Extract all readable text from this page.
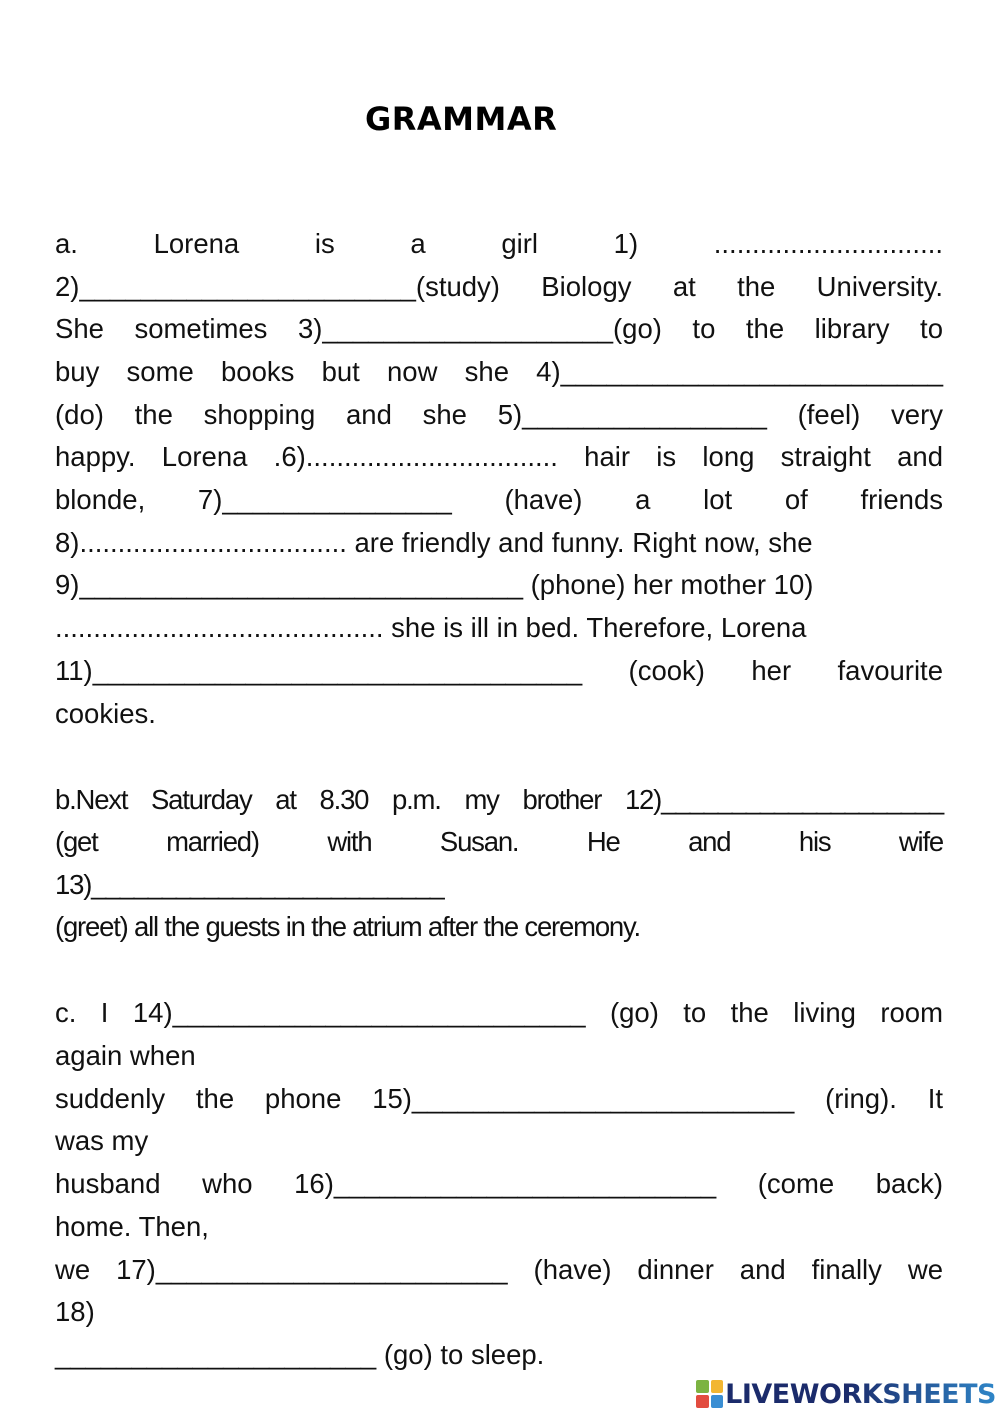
GRAMMAR
a. Lorena is a girl 1) ..............................
2)______________________(study) Biology at the University.
She sometimes 3)___________________(go) to the library to
buy some books but now she 4)_________________________
(do) the shopping and she 5)________________ (feel) very
happy. Lorena .6)................................. hair is long straight and
blonde, 7)_______________ (have) a lot of friends
8)................................... are friendly and funny. Right now, she
9)_____________________________ (phone) her mother 10)
........................................... she is ill in bed. Therefore, Lorena
11)________________________________ (cook) her favourite
cookies.
b.Next Saturday at 8.30 p.m. my brother 12)____________________
(get married) with Susan. He and his wife
13)_________________________
(greet) all the guests in the atrium after the ceremony.
c. I 14)___________________________ (go) to the living room
again when
suddenly the phone 15)_________________________ (ring). It
was my
husband who 16)_________________________ (come back)
home. Then,
we 17)_______________________ (have) dinner and finally we
18)
_____________________ (go) to sleep.
LIVEWORKSHEETS
